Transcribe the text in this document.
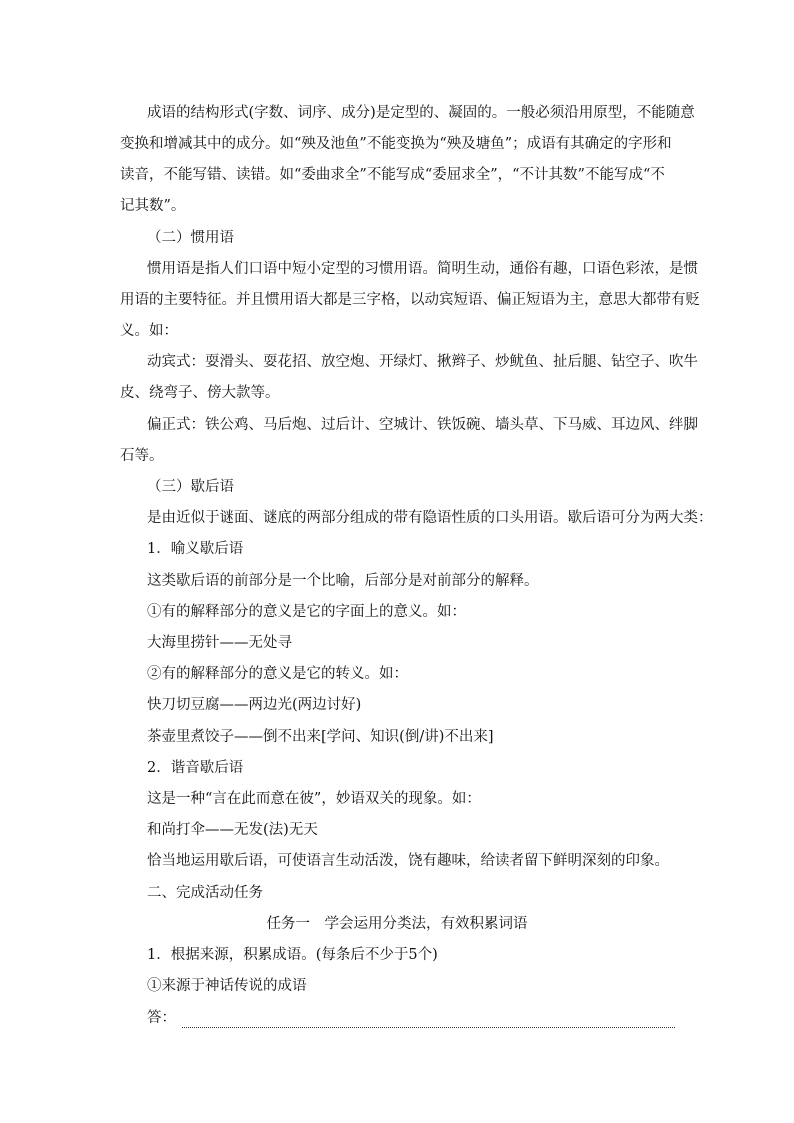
成语的结构形式(字数、词序、成分)是定型的、凝固的。一般必须沿用原型，不能随意
变换和增减其中的成分。如“殃及池鱼”不能变换为“殃及塘鱼”；成语有其确定的字形和
读音，不能写错、读错。如“委曲求全”不能写成“委屈求全”，“不计其数”不能写成“不
记其数”。
（二）惯用语
惯用语是指人们口语中短小定型的习惯用语。简明生动，通俗有趣，口语色彩浓，是惯
用语的主要特征。并且惯用语大都是三字格，以动宾短语、偏正短语为主，意思大都带有贬
义。如：
动宾式：耍滑头、耍花招、放空炮、开绿灯、揪辫子、炒鱿鱼、扯后腿、钻空子、吹牛
皮、绕弯子、傍大款等。
偏正式：铁公鸡、马后炮、过后计、空城计、铁饭碗、墙头草、下马威、耳边风、绊脚
石等。
（三）歇后语
是由近似于谜面、谜底的两部分组成的带有隐语性质的口头用语。歇后语可分为两大类：
1．喻义歇后语
这类歇后语的前部分是一个比喻，后部分是对前部分的解释。
①有的解释部分的意义是它的字面上的意义。如：
大海里捞针——无处寻
②有的解释部分的意义是它的转义。如：
快刀切豆腐——两边光(两边讨好)
茶壶里煮饺子——倒不出来[学问、知识(倒/讲)不出来]
2．谐音歇后语
这是一种“言在此而意在彼”，妙语双关的现象。如：
和尚打伞——无发(法)无天
恰当地运用歇后语，可使语言生动活泼，饶有趣味，给读者留下鲜明深刻的印象。
二、完成活动任务
任务一　学会运用分类法，有效积累词语
1．根据来源，积累成语。(每条后不少于5个)
①来源于神话传说的成语
答：
